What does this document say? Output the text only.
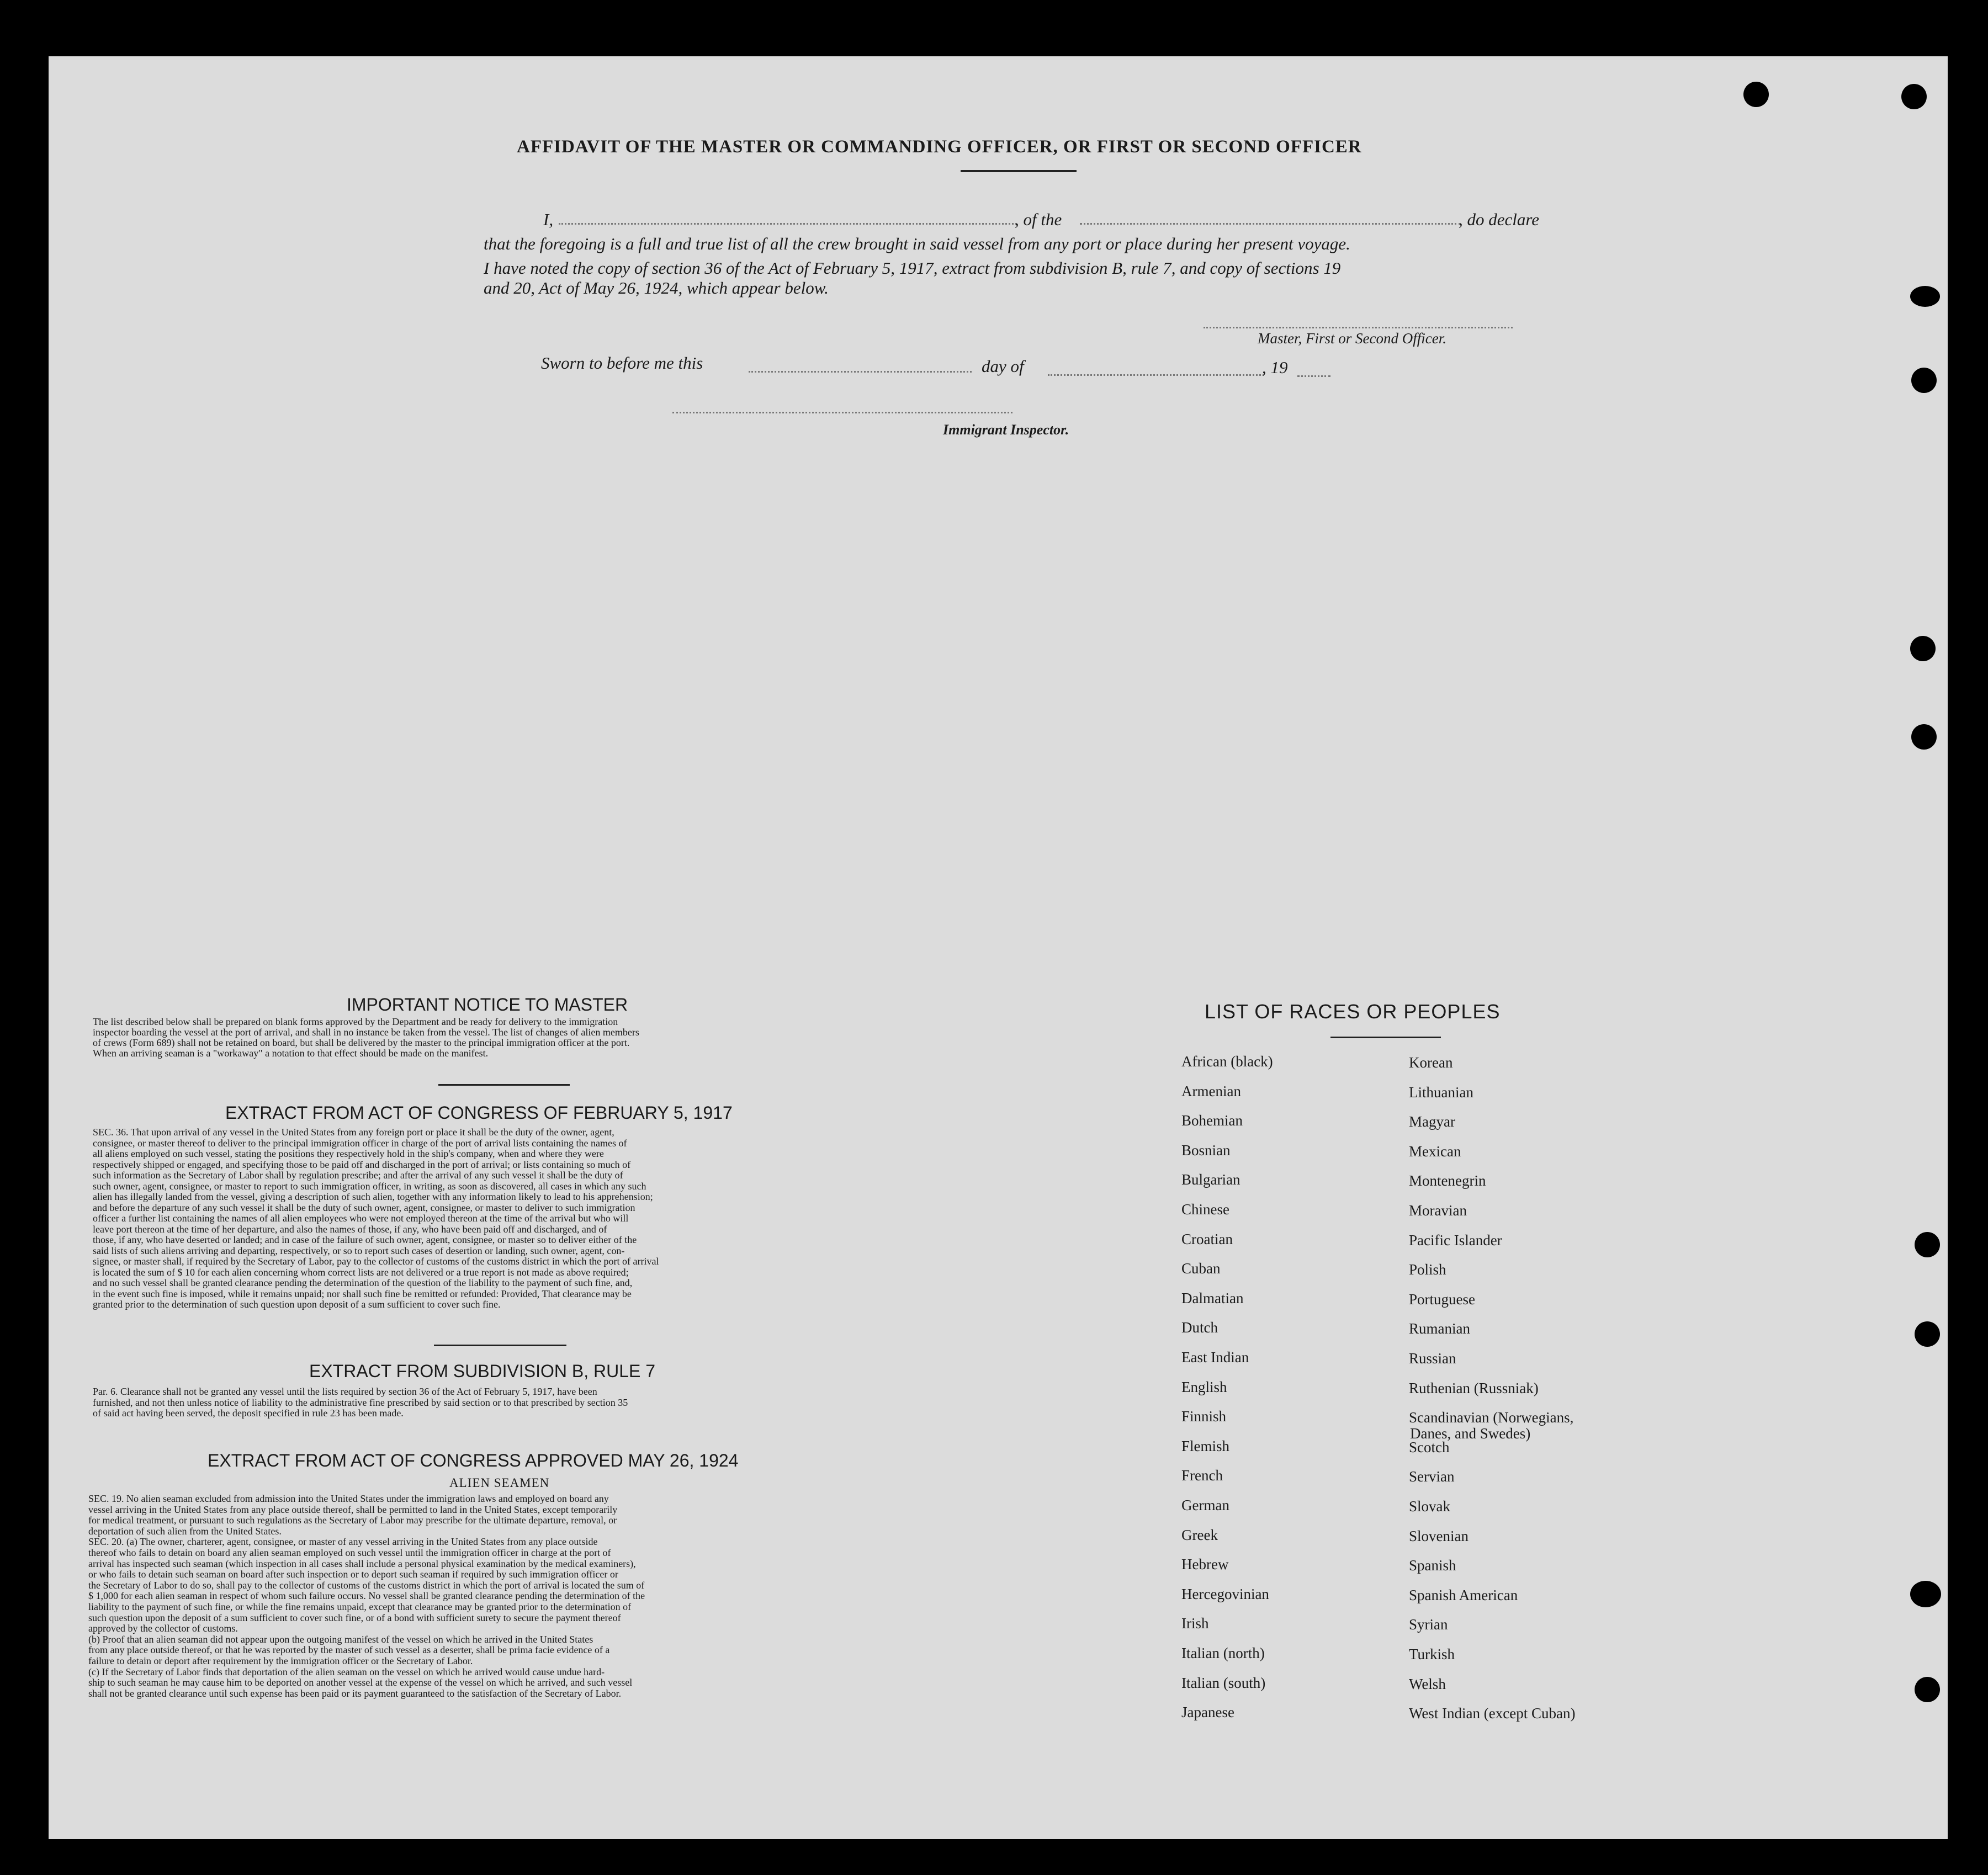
AFFIDAVIT OF THE MASTER OR COMMANDING OFFICER, OR FIRST OR SECOND OFFICER
I,	, of the	, do declare
that the foregoing is a full and true list of all the crew brought in said vessel from any port or place during her present voyage.
I have noted the copy of section 36 of the Act of February 5, 1917, extract from subdivision B, rule 7, and copy of sections 19
and 20, Act of May 26, 1924, which appear below.
Master, First or Second Officer.
Sworn to before me this	day of	, 19
Immigrant Inspector.
IMPORTANT NOTICE TO MASTER
The list described below shall be prepared on blank forms approved by the Department and be ready for delivery to the immigration
inspector boarding the vessel at the port of arrival, and shall in no instance be taken from the vessel. The list of changes of alien members
of crews (Form 689) shall not be retained on board, but shall be delivered by the master to the principal immigration officer at the port.
When an arriving seaman is a "workaway" a notation to that effect should be made on the manifest.
EXTRACT FROM ACT OF CONGRESS OF FEBRUARY 5, 1917
SEC. 36. That upon arrival of any vessel in the United States from any foreign port or place it shall be the duty of the owner, agent,
consignee, or master thereof to deliver to the principal immigration officer in charge of the port of arrival lists containing the names of
all aliens employed on such vessel, stating the positions they respectively hold in the ship's company, when and where they were
respectively shipped or engaged, and specifying those to be paid off and discharged in the port of arrival; or lists containing so much of
such information as the Secretary of Labor shall by regulation prescribe; and after the arrival of any such vessel it shall be the duty of
such owner, agent, consignee, or master to report to such immigration officer, in writing, as soon as discovered, all cases in which any such
alien has illegally landed from the vessel, giving a description of such alien, together with any information likely to lead to his apprehension;
and before the departure of any such vessel it shall be the duty of such owner, agent, consignee, or master to deliver to such immigration
officer a further list containing the names of all alien employees who were not employed thereon at the time of the arrival but who will
leave port thereon at the time of her departure, and also the names of those, if any, who have been paid off and discharged, and of
those, if any, who have deserted or landed; and in case of the failure of such owner, agent, consignee, or master so to deliver either of the
said lists of such aliens arriving and departing, respectively, or so to report such cases of desertion or landing, such owner, agent, con-
signee, or master shall, if required by the Secretary of Labor, pay to the collector of customs of the customs district in which the port of arrival
is located the sum of $ 10 for each alien concerning whom correct lists are not delivered or a true report is not made as above required;
and no such vessel shall be granted clearance pending the determination of the question of the liability to the payment of such fine, and,
in the event such fine is imposed, while it remains unpaid; nor shall such fine be remitted or refunded: Provided, That clearance may be
granted prior to the determination of such question upon deposit of a sum sufficient to cover such fine.
EXTRACT FROM SUBDIVISION B, RULE 7
Par. 6. Clearance shall not be granted any vessel until the lists required by section 36 of the Act of February 5, 1917, have been
furnished, and not then unless notice of liability to the administrative fine prescribed by said section or to that prescribed by section 35
of said act having been served, the deposit specified in rule 23 has been made.
EXTRACT FROM ACT OF CONGRESS APPROVED MAY 26, 1924
ALIEN SEAMEN
SEC. 19. No alien seaman excluded from admission into the United States under the immigration laws and employed on board any
vessel arriving in the United States from any place outside thereof, shall be permitted to land in the United States, except temporarily
for medical treatment, or pursuant to such regulations as the Secretary of Labor may prescribe for the ultimate departure, removal, or
deportation of such alien from the United States.
SEC. 20. (a) The owner, charterer, agent, consignee, or master of any vessel arriving in the United States from any place outside
thereof who fails to detain on board any alien seaman employed on such vessel until the immigration officer in charge at the port of
arrival has inspected such seaman (which inspection in all cases shall include a personal physical examination by the medical examiners),
or who fails to detain such seaman on board after such inspection or to deport such seaman if required by such immigration officer or
the Secretary of Labor to do so, shall pay to the collector of customs of the customs district in which the port of arrival is located the sum of
$ 1,000 for each alien seaman in respect of whom such failure occurs. No vessel shall be granted clearance pending the determination of the
liability to the payment of such fine, or while the fine remains unpaid, except that clearance may be granted prior to the determination of
such question upon the deposit of a sum sufficient to cover such fine, or of a bond with sufficient surety to secure the payment thereof
approved by the collector of customs.
(b) Proof that an alien seaman did not appear upon the outgoing manifest of the vessel on which he arrived in the United States
from any place outside thereof, or that he was reported by the master of such vessel as a deserter, shall be prima facie evidence of a
failure to detain or deport after requirement by the immigration officer or the Secretary of Labor.
(c) If the Secretary of Labor finds that deportation of the alien seaman on the vessel on which he arrived would cause undue hard-
ship to such seaman he may cause him to be deported on another vessel at the expense of the vessel on which he arrived, and such vessel
shall not be granted clearance until such expense has been paid or its payment guaranteed to the satisfaction of the Secretary of Labor.
LIST OF RACES OR PEOPLES
African (black)
Armenian
Bohemian
Bosnian
Bulgarian
Chinese
Croatian
Cuban
Dalmatian
Dutch
East Indian
English
Finnish
Flemish
French
German
Greek
Hebrew
Hercegovinian
Irish
Italian (north)
Italian (south)
Japanese
Korean
Lithuanian
Magyar
Mexican
Montenegrin
Moravian
Pacific Islander
Polish
Portuguese
Rumanian
Russian
Ruthenian (Russniak)
Scandinavian (Norwegians,
Scotch
Servian
Slovak
Slovenian
Spanish
Spanish American
Syrian
Turkish
Welsh
West Indian (except Cuban)
Danes, and Swedes)
